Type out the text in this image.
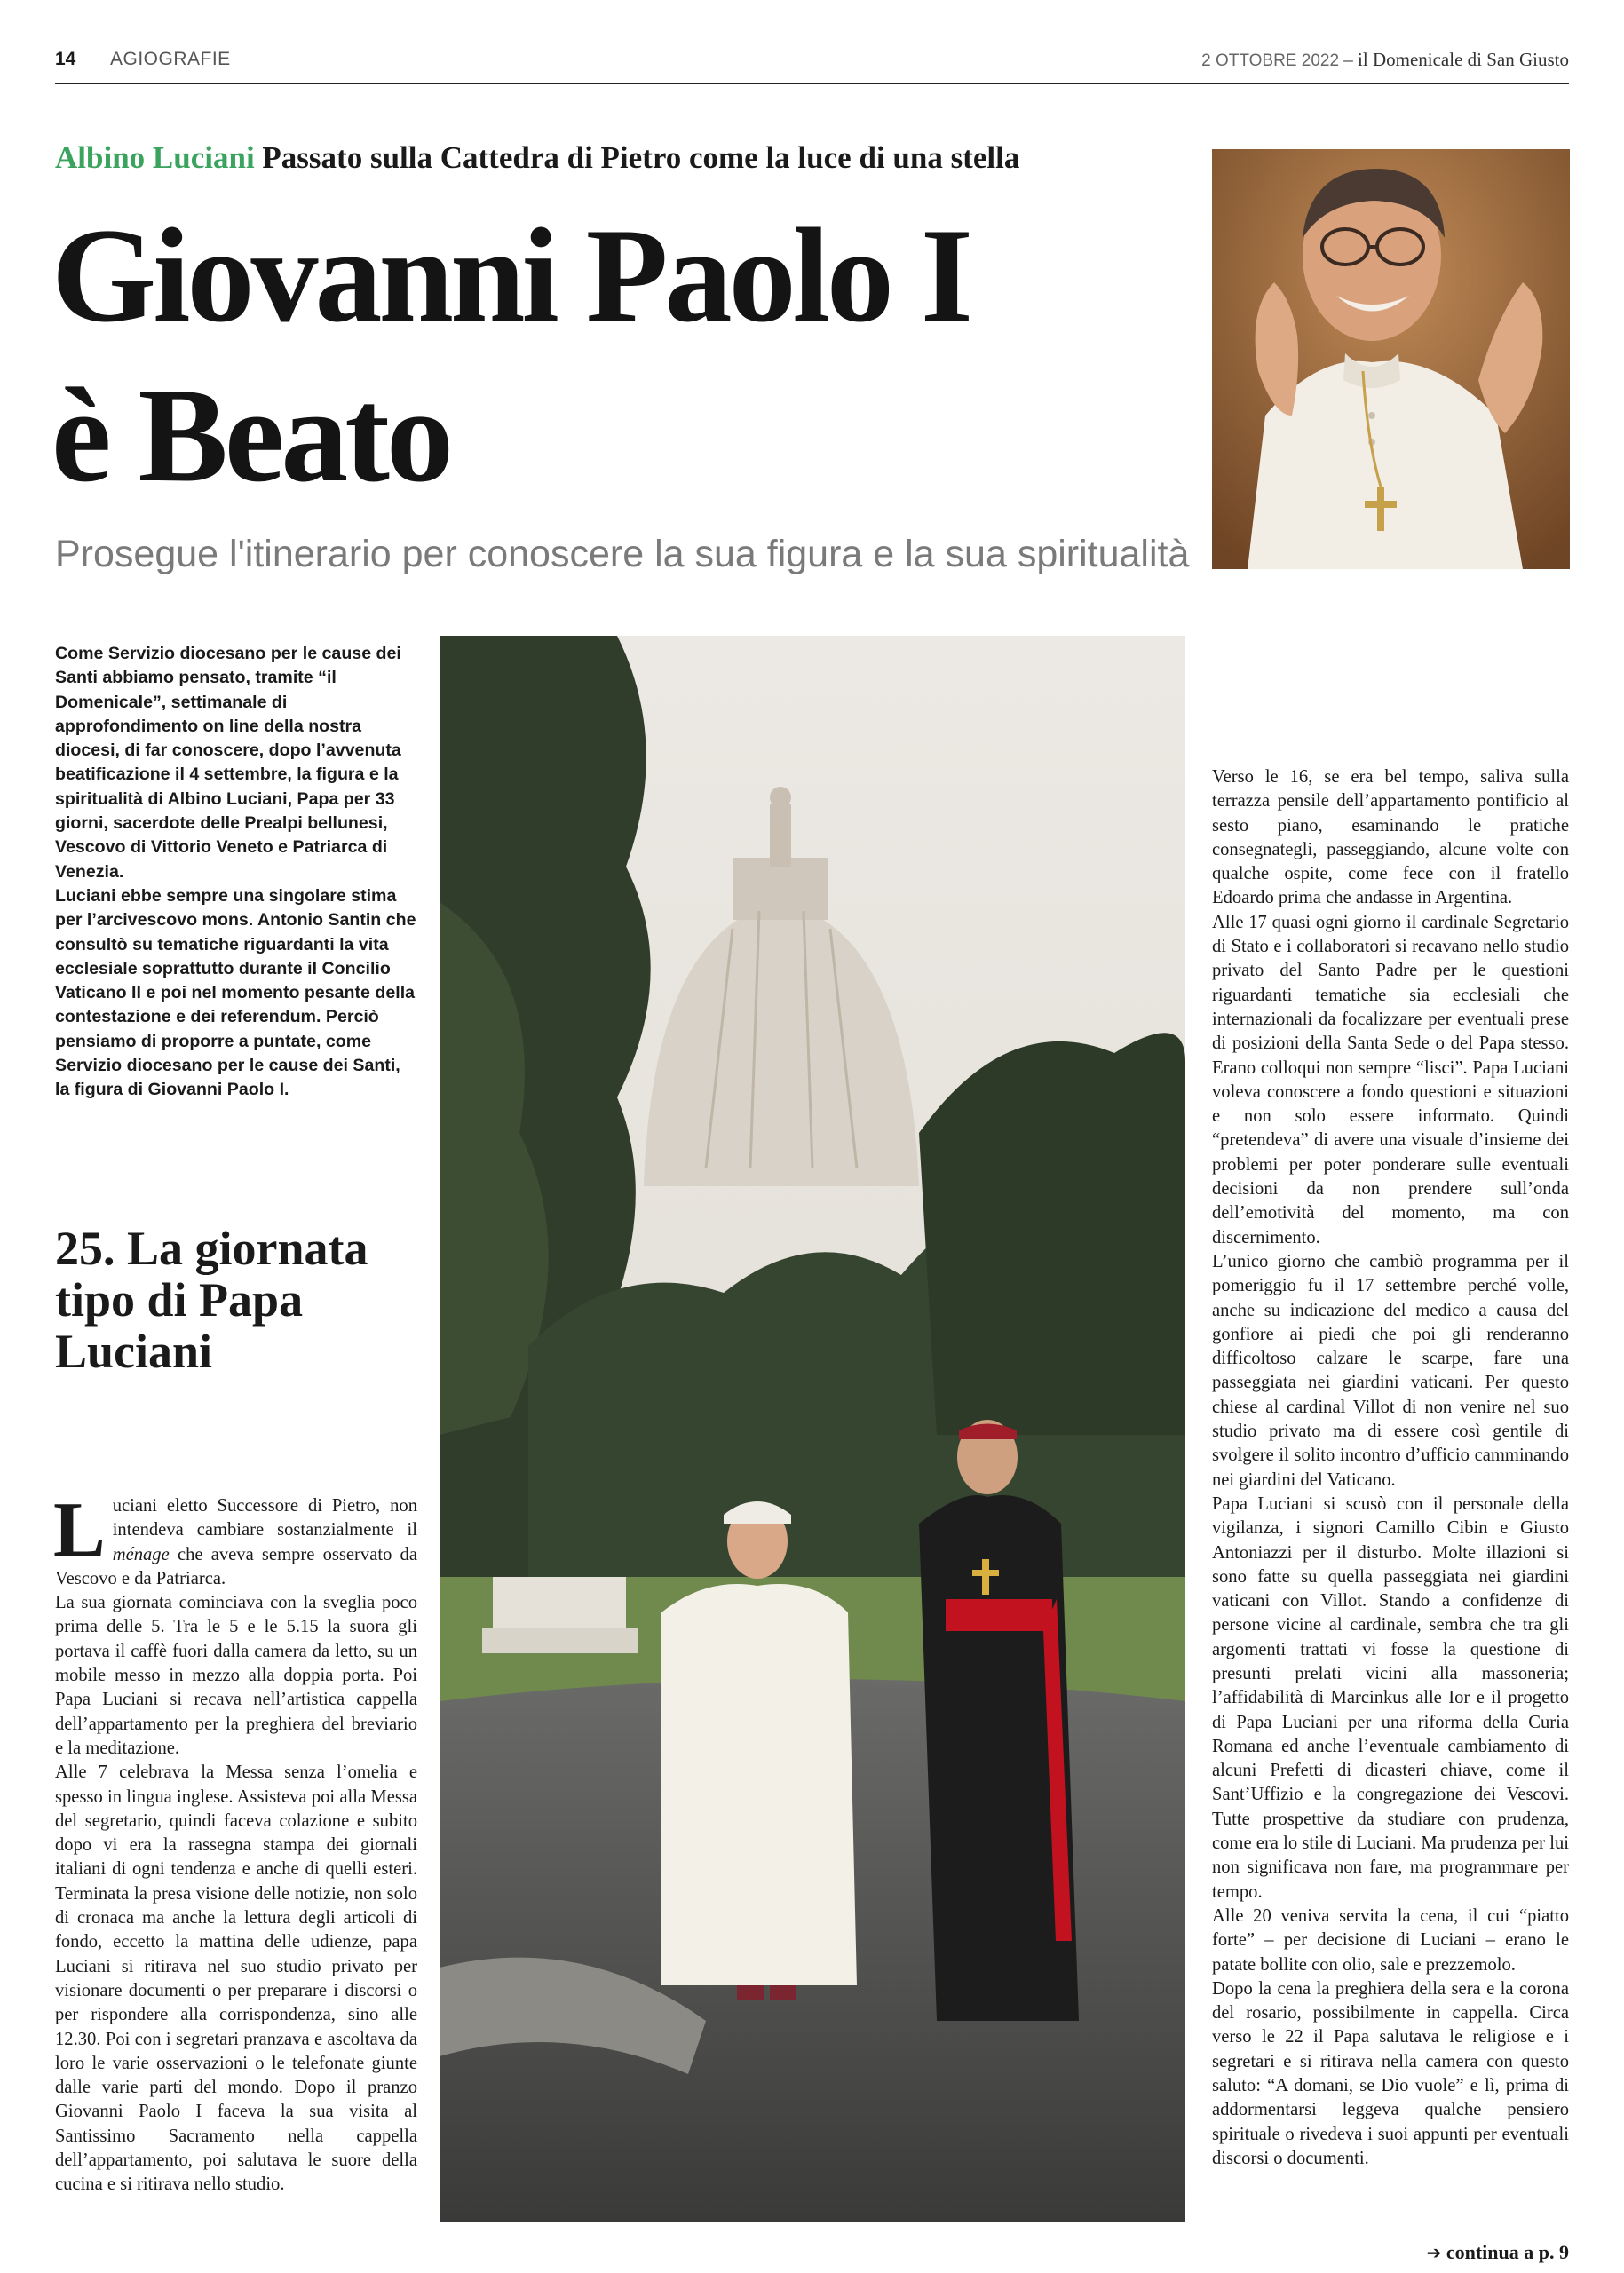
14 AGIOGRAFIE	2 OTTOBRE 2022 – il Domenicale di San Giusto
Albino Luciani Passato sulla Cattedra di Pietro come la luce di una stella
Giovanni Paolo I
è Beato
Prosegue l'itinerario per conoscere la sua figura e la sua spiritualità

Come Servizio diocesano per le cause dei Santi abbiamo pensato, tramite “il Domenicale”, settimanale di approfondimento on line della nostra diocesi, di far conoscere, dopo l’avvenuta beatificazione il 4 settembre, la figura e la spiritualità di Albino Luciani, Papa per 33 giorni, sacerdote delle Prealpi bellunesi, Vescovo di Vittorio Veneto e Patriarca di Venezia.

Luciani ebbe sempre una singolare stima per l’arcivescovo mons. Antonio Santin che consultò su tematiche riguardanti la vita ecclesiale soprattutto durante il Concilio Vaticano II e poi nel momento pesante della contestazione e dei referendum. Perciò pensiamo di proporre a puntate, come Servizio diocesano per le cause dei Santi, la figura di Giovanni Paolo I.

25. La giornata tipo di Papa Luciani

Luciani eletto Successore di Pietro, non intendeva cambiare sostanzialmente il ménage che aveva sempre osservato da Vescovo e da Patriarca.

La sua giornata cominciava con la sveglia poco prima delle 5. Tra le 5 e le 5.15 la suora gli portava il caffè fuori dalla camera da letto, su un mobile messo in mezzo alla doppia porta. Poi Papa Luciani si recava nell’artistica cappella dell’appartamento per la preghiera del breviario e la meditazione.

Alle 7 celebrava la Messa senza l’omelia e spesso in lingua inglese. Assisteva poi alla Messa del segretario, quindi faceva colazione e subito dopo vi era la rassegna stampa dei giornali italiani di ogni tendenza e anche di quelli esteri. Terminata la presa visione delle notizie, non solo di cronaca ma anche la lettura degli articoli di fondo, eccetto la mattina delle udienze, papa Luciani si ritirava nel suo studio privato per visionare documenti o per preparare i discorsi o per rispondere alla corrispondenza, sino alle 12.30. Poi con i segretari pranzava e ascoltava da loro le varie osservazioni o le telefonate giunte dalle varie parti del mondo. Dopo il pranzo Giovanni Paolo I faceva la sua visita al Santissimo Sacramento nella cappella dell’appartamento, poi salutava le suore della cucina e si ritirava nello studio.

Verso le 16, se era bel tempo, saliva sulla terrazza pensile dell’appartamento pontificio al sesto piano, esaminando le pratiche consegnategli, passeggiando, alcune volte con qualche ospite, come fece con il fratello Edoardo prima che andasse in Argentina.

Alle 17 quasi ogni giorno il cardinale Segretario di Stato e i collaboratori si recavano nello studio privato del Santo Padre per le questioni riguardanti tematiche sia ecclesiali che internazionali da focalizzare per eventuali prese di posizioni della Santa Sede o del Papa stesso. Erano colloqui non sempre “lisci”. Papa Luciani voleva conoscere a fondo questioni e situazioni e non solo essere informato. Quindi “pretendeva” di avere una visuale d’insieme dei problemi per poter ponderare sulle eventuali decisioni da non prendere sull’onda dell’emotività del momento, ma con discernimento.

L’unico giorno che cambiò programma per il pomeriggio fu il 17 settembre perché volle, anche su indicazione del medico a causa del gonfiore ai piedi che poi gli renderanno difficoltoso calzare le scarpe, fare una passeggiata nei giardini vaticani. Per questo chiese al cardinal Villot di non venire nel suo studio privato ma di essere così gentile di svolgere il solito incontro d’ufficio camminando nei giardini del Vaticano.

Papa Luciani si scusò con il personale della vigilanza, i signori Camillo Cibin e Giusto Antoniazzi per il disturbo. Molte illazioni si sono fatte su quella passeggiata nei giardini vaticani con Villot. Stando a confidenze di persone vicine al cardinale, sembra che tra gli argomenti trattati vi fosse la questione di presunti prelati vicini alla massoneria; l’affidabilità di Marcinkus alle Ior e il progetto di Papa Luciani per una riforma della Curia Romana ed anche l’eventuale cambiamento di alcuni Prefetti di dicasteri chiave, come il Sant’Uffizio e la congregazione dei Vescovi. Tutte prospettive da studiare con prudenza, come era lo stile di Luciani. Ma prudenza per lui non significava non fare, ma programmare per tempo.

Alle 20 veniva servita la cena, il cui “piatto forte” – per decisione di Luciani – erano le patate bollite con olio, sale e prezzemolo.

Dopo la cena la preghiera della sera e la corona del rosario, possibilmente in cappella. Circa verso le 22 il Papa salutava le religiose e i segretari e si ritirava nella camera con questo saluto: “A domani, se Dio vuole” e lì, prima di addormentarsi leggeva qualche pensiero spirituale o rivedeva i suoi appunti per eventuali discorsi o documenti.

➔ continua a p. 9
